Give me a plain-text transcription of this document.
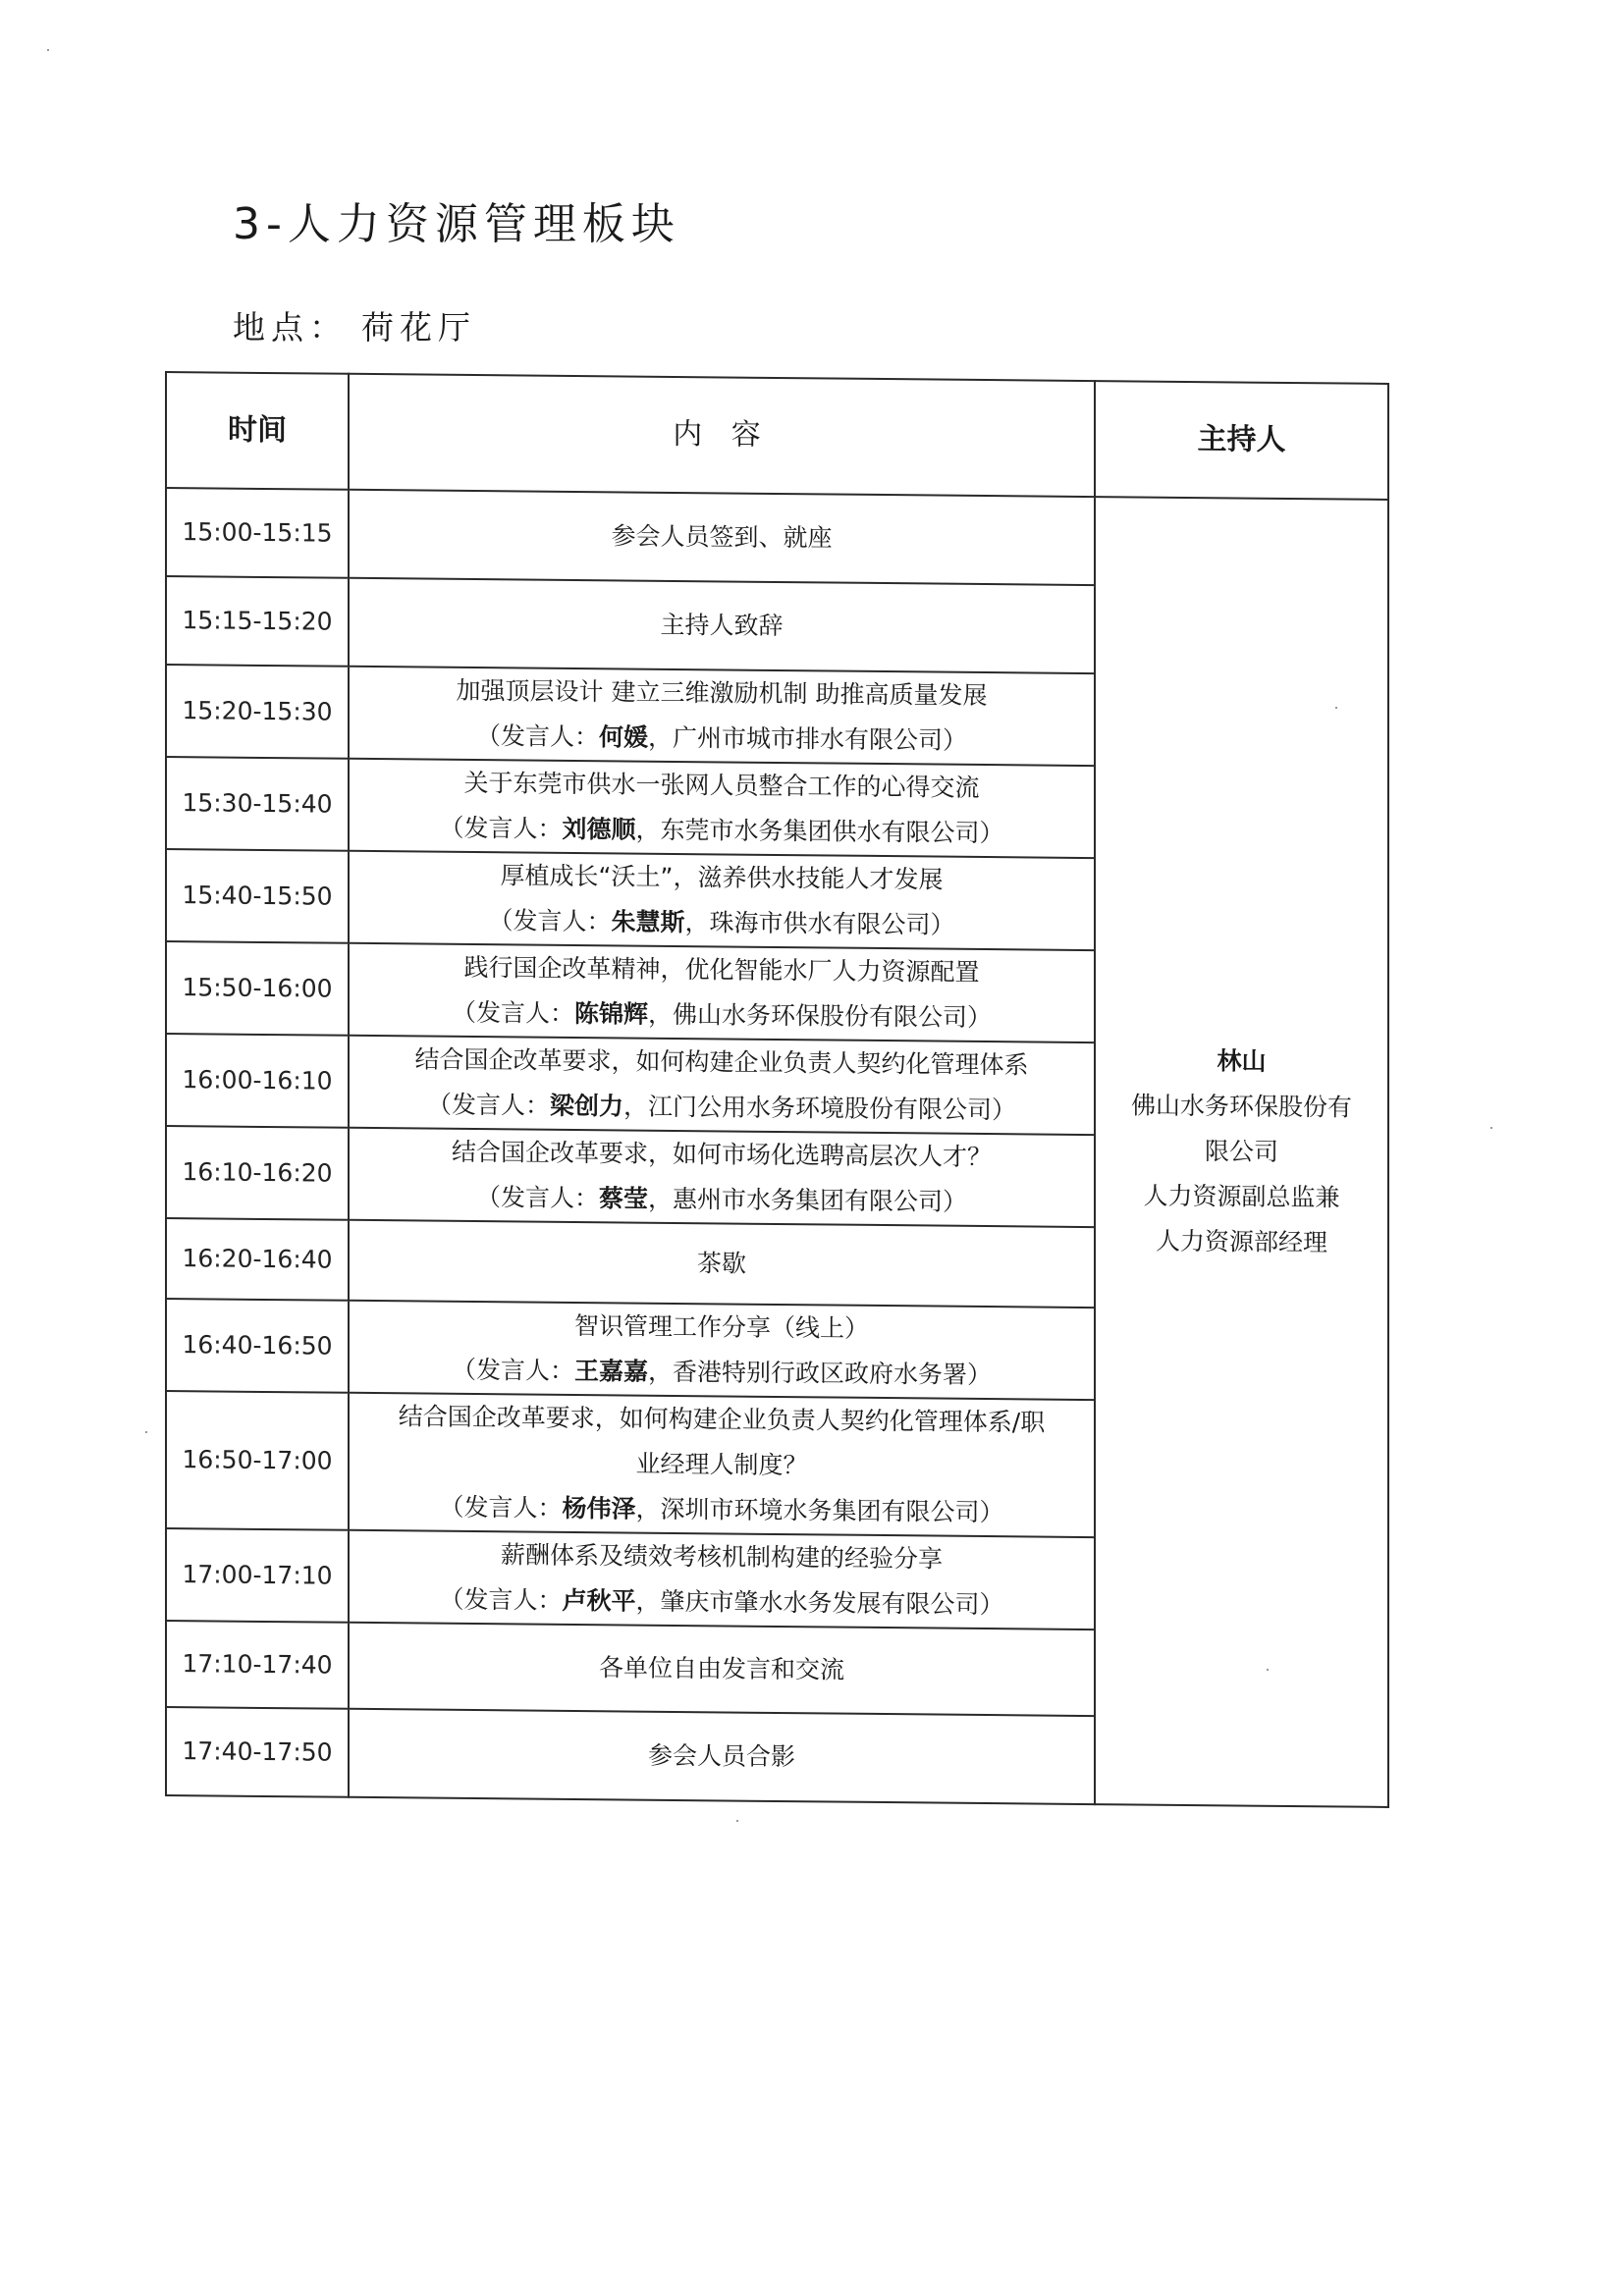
3-人力资源管理板块
地点： 荷花厅
时间	内 容	主持人
15:00-15:15	参会人员签到、就座	林山
佛山水务环保股份有
限公司
人力资源副总监兼
人力资源部经理

15:15-15:20	主持人致辞	
15:20-15:30	加强顶层设计 建立三维激励机制 助推高质量发展
（发言人：何媛，广州市城市排水有限公司）	

15:30-15:40	关于东莞市供水一张网人员整合工作的心得交流
（发言人：刘德顺，东莞市水务集团供水有限公司）	

15:40-15:50	厚植成长“沃土”，滋养供水技能人才发展
（发言人：朱慧斯，珠海市供水有限公司）	

15:50-16:00	践行国企改革精神，优化智能水厂人力资源配置
（发言人：陈锦辉，佛山水务环保股份有限公司）	

16:00-16:10	结合国企改革要求，如何构建企业负责人契约化管理体系
（发言人：梁创力，江门公用水务环境股份有限公司）	

16:10-16:20	结合国企改革要求，如何市场化选聘高层次人才？
（发言人：蔡莹，惠州市水务集团有限公司）	

16:20-16:40	茶歇	
16:40-16:50	智识管理工作分享（线上）
（发言人：王嘉嘉，香港特别行政区政府水务署）	

16:50-17:00	结合国企改革要求，如何构建企业负责人契约化管理体系/职
业经理人制度？
（发言人：杨伟泽，深圳市环境水务集团有限公司）	

17:00-17:10	薪酬体系及绩效考核机制构建的经验分享
（发言人：卢秋平，肇庆市肇水水务发展有限公司）	

17:10-17:40	各单位自由发言和交流	
17:40-17:50	参会人员合影	
